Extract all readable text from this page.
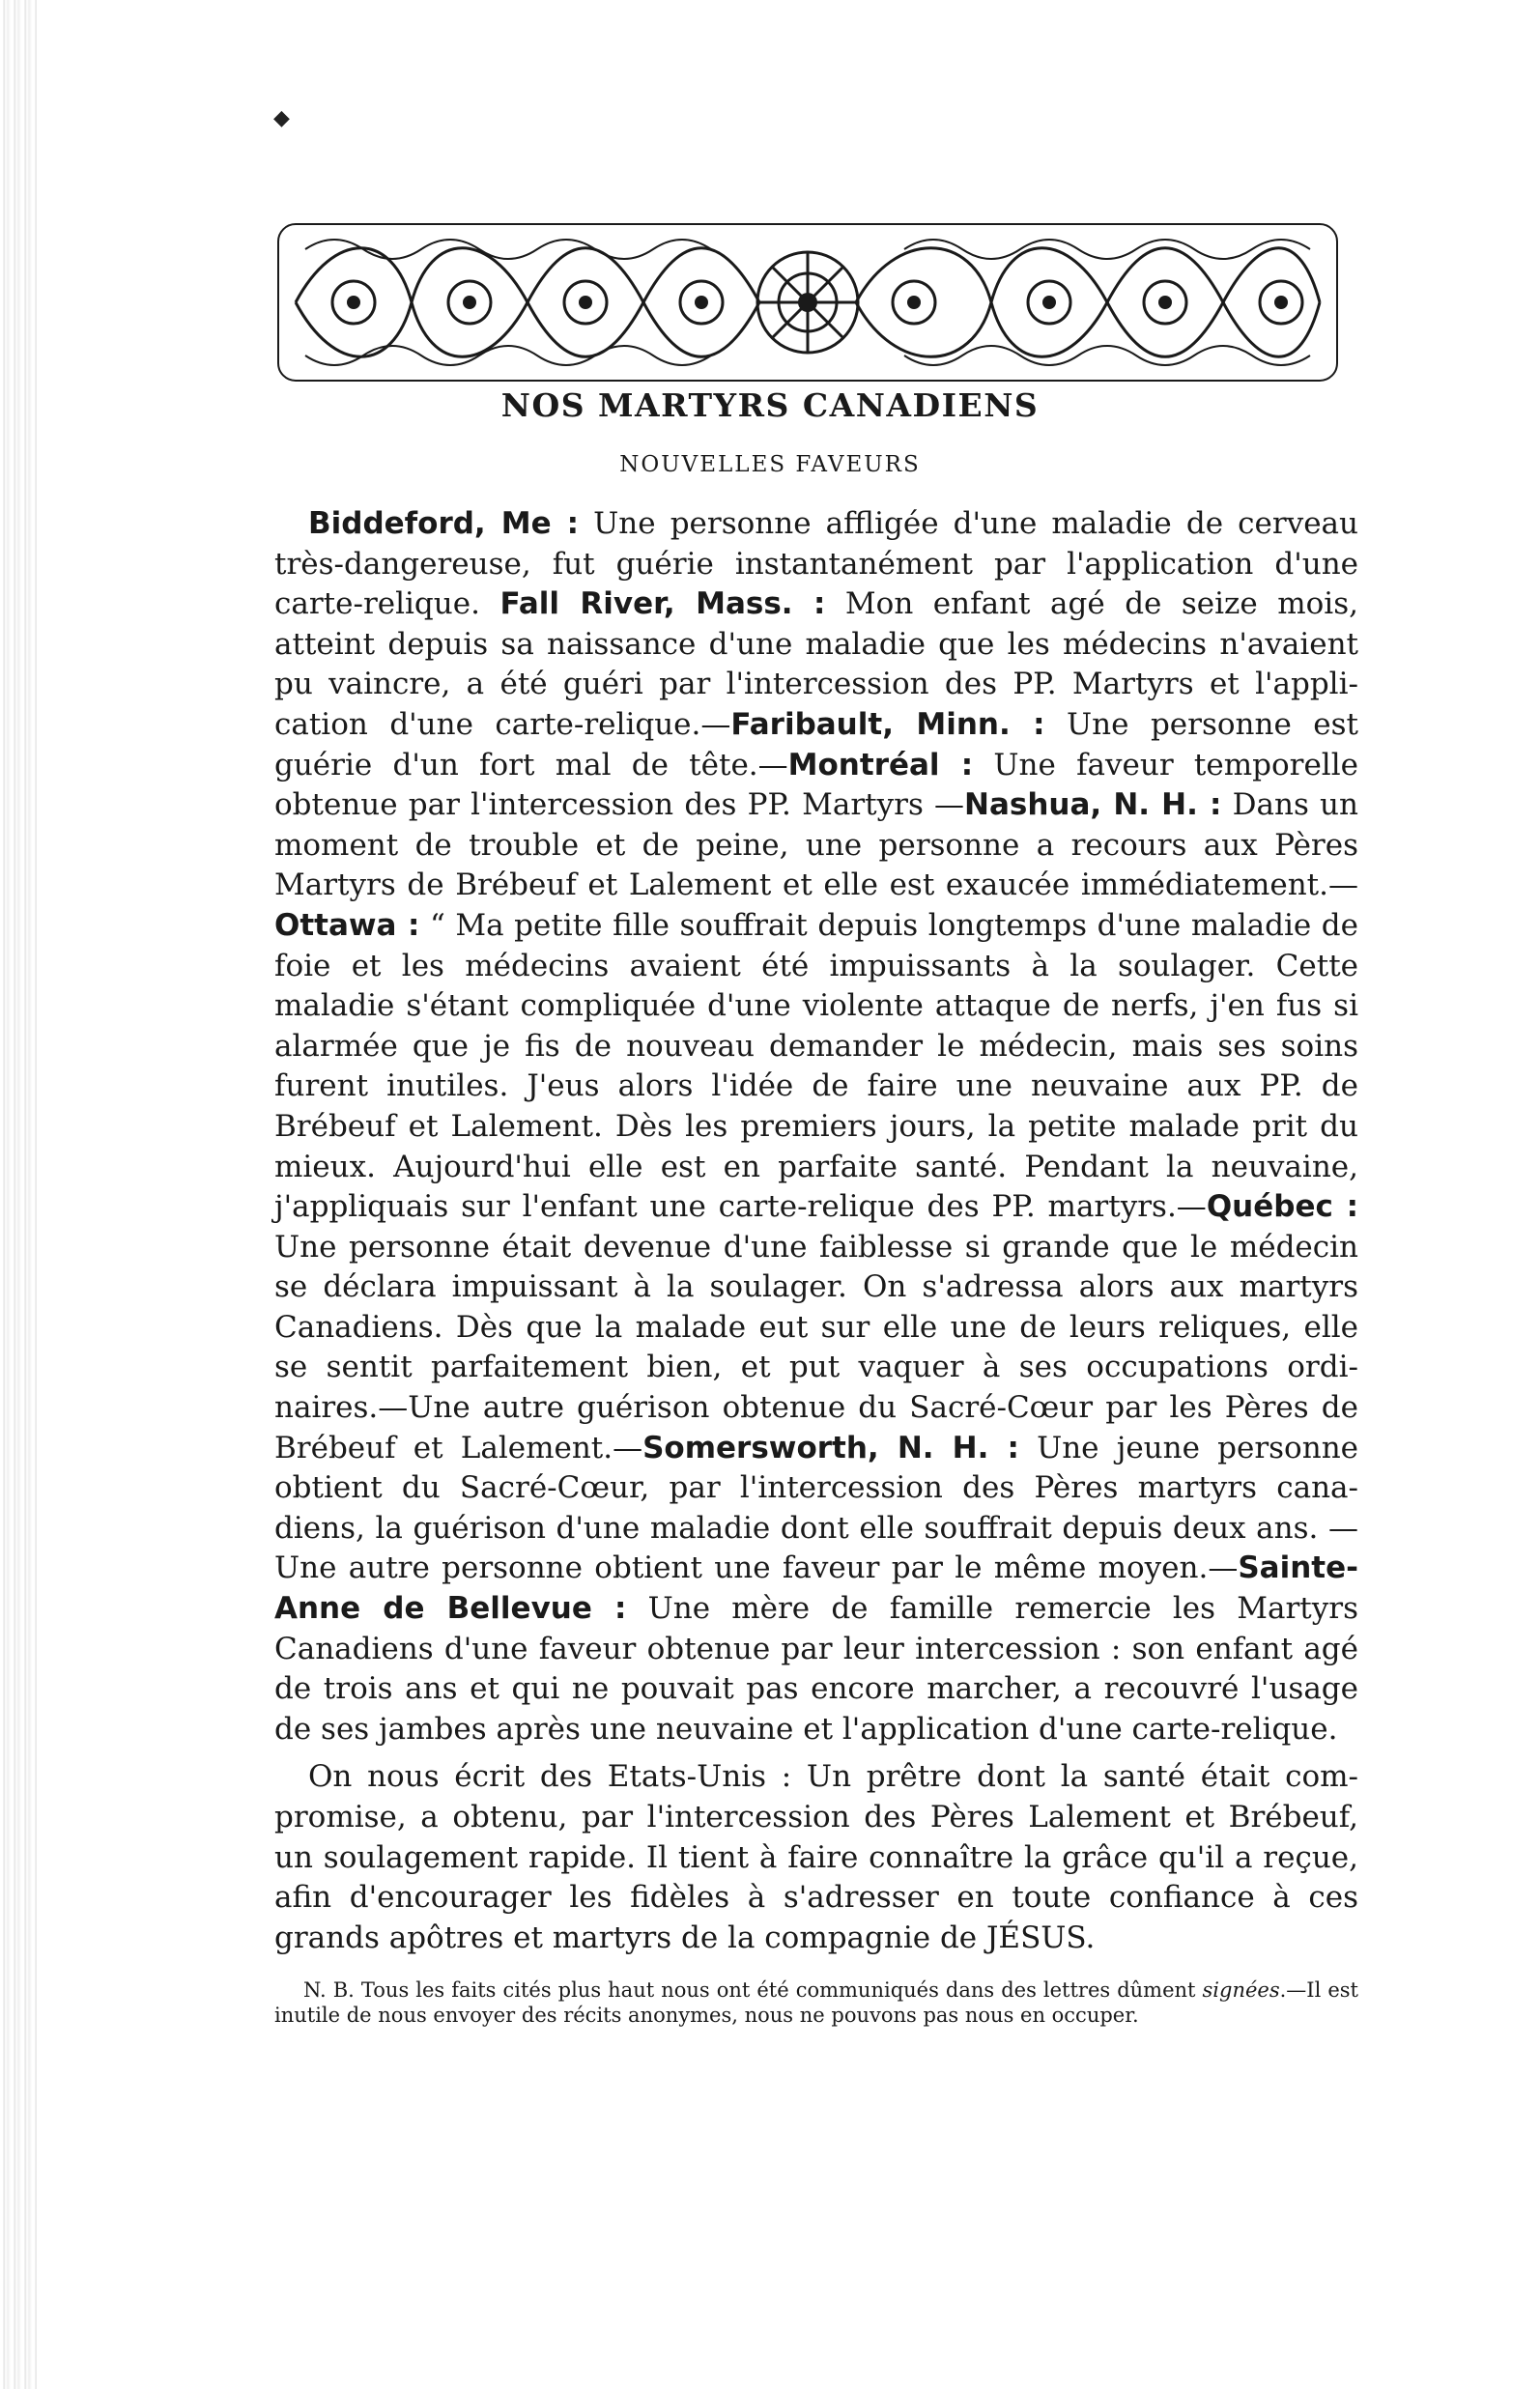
◆
NOS MARTYRS CANADIENS
NOUVELLES FAVEURS

Biddeford, Me : Une personne affligée d'une maladie de cerveau très-dangereuse, fut guérie instantanément par l'application d'une carte-relique. Fall River, Mass. : Mon enfant agé de seize mois, atteint depuis sa naissance d'une maladie que les médecins n'avaient pu vaincre, a été guéri par l'intercession des PP. Martyrs et l'application d'une carte-relique.—Faribault, Minn. : Une personne est guérie d'un fort mal de tête.—Montréal : Une faveur temporelle obtenue par l'intercession des PP. Martyrs —Nashua, N. H. : Dans un moment de trouble et de peine, une personne a recours aux Pères Martyrs de Brébeuf et Lalement et elle est exaucée immédiatement.— Ottawa : “ Ma petite fille souffrait depuis longtemps d'une maladie de foie et les médecins avaient été impuissants à la soulager. Cette maladie s'étant compliquée d'une violente attaque de nerfs, j'en fus si alarmée que je fis de nouveau demander le médecin, mais ses soins furent inutiles. J'eus alors l'idée de faire une neuvaine aux PP. de Brébeuf et Lalement. Dès les premiers jours, la petite malade prit du mieux. Aujourd'hui elle est en parfaite santé. Pendant la neuvaine, j'appliquais sur l'enfant une carte-relique des PP. martyrs.—Québec : Une personne était devenue d'une faiblesse si grande que le médecin se déclara impuissant à la soulager. On s'adressa alors aux martyrs Canadiens. Dès que la malade eut sur elle une de leurs reliques, elle se sentit parfaitement bien, et put vaquer à ses occupations ordinaires.—Une autre guérison obtenue du Sacré-Cœur par les Pères de Brébeuf et Lalement.—Somersworth, N. H. : Une jeune personne obtient du Sacré-Cœur, par l'intercession des Pères martyrs canadiens, la guérison d'une maladie dont elle souffrait depuis deux ans. —Une autre personne obtient une faveur par le même moyen.—Sainte-Anne de Bellevue : Une mère de famille remercie les Martyrs Canadiens d'une faveur obtenue par leur intercession : son enfant agé de trois ans et qui ne pouvait pas encore marcher, a recouvré l'usage de ses jambes après une neuvaine et l'application d'une carte-relique.

On nous écrit des Etats-Unis : Un prêtre dont la santé était compromise, a obtenu, par l'intercession des Pères Lalement et Brébeuf, un soulagement rapide. Il tient à faire connaître la grâce qu'il a reçue, afin d'encourager les fidèles à s'adresser en toute confiance à ces grands apôtres et martyrs de la compagnie de JÉSUS.

N. B. Tous les faits cités plus haut nous ont été communiqués dans des lettres dûment signées.—Il est inutile de nous envoyer des récits anonymes, nous ne pouvons pas nous en occuper.
